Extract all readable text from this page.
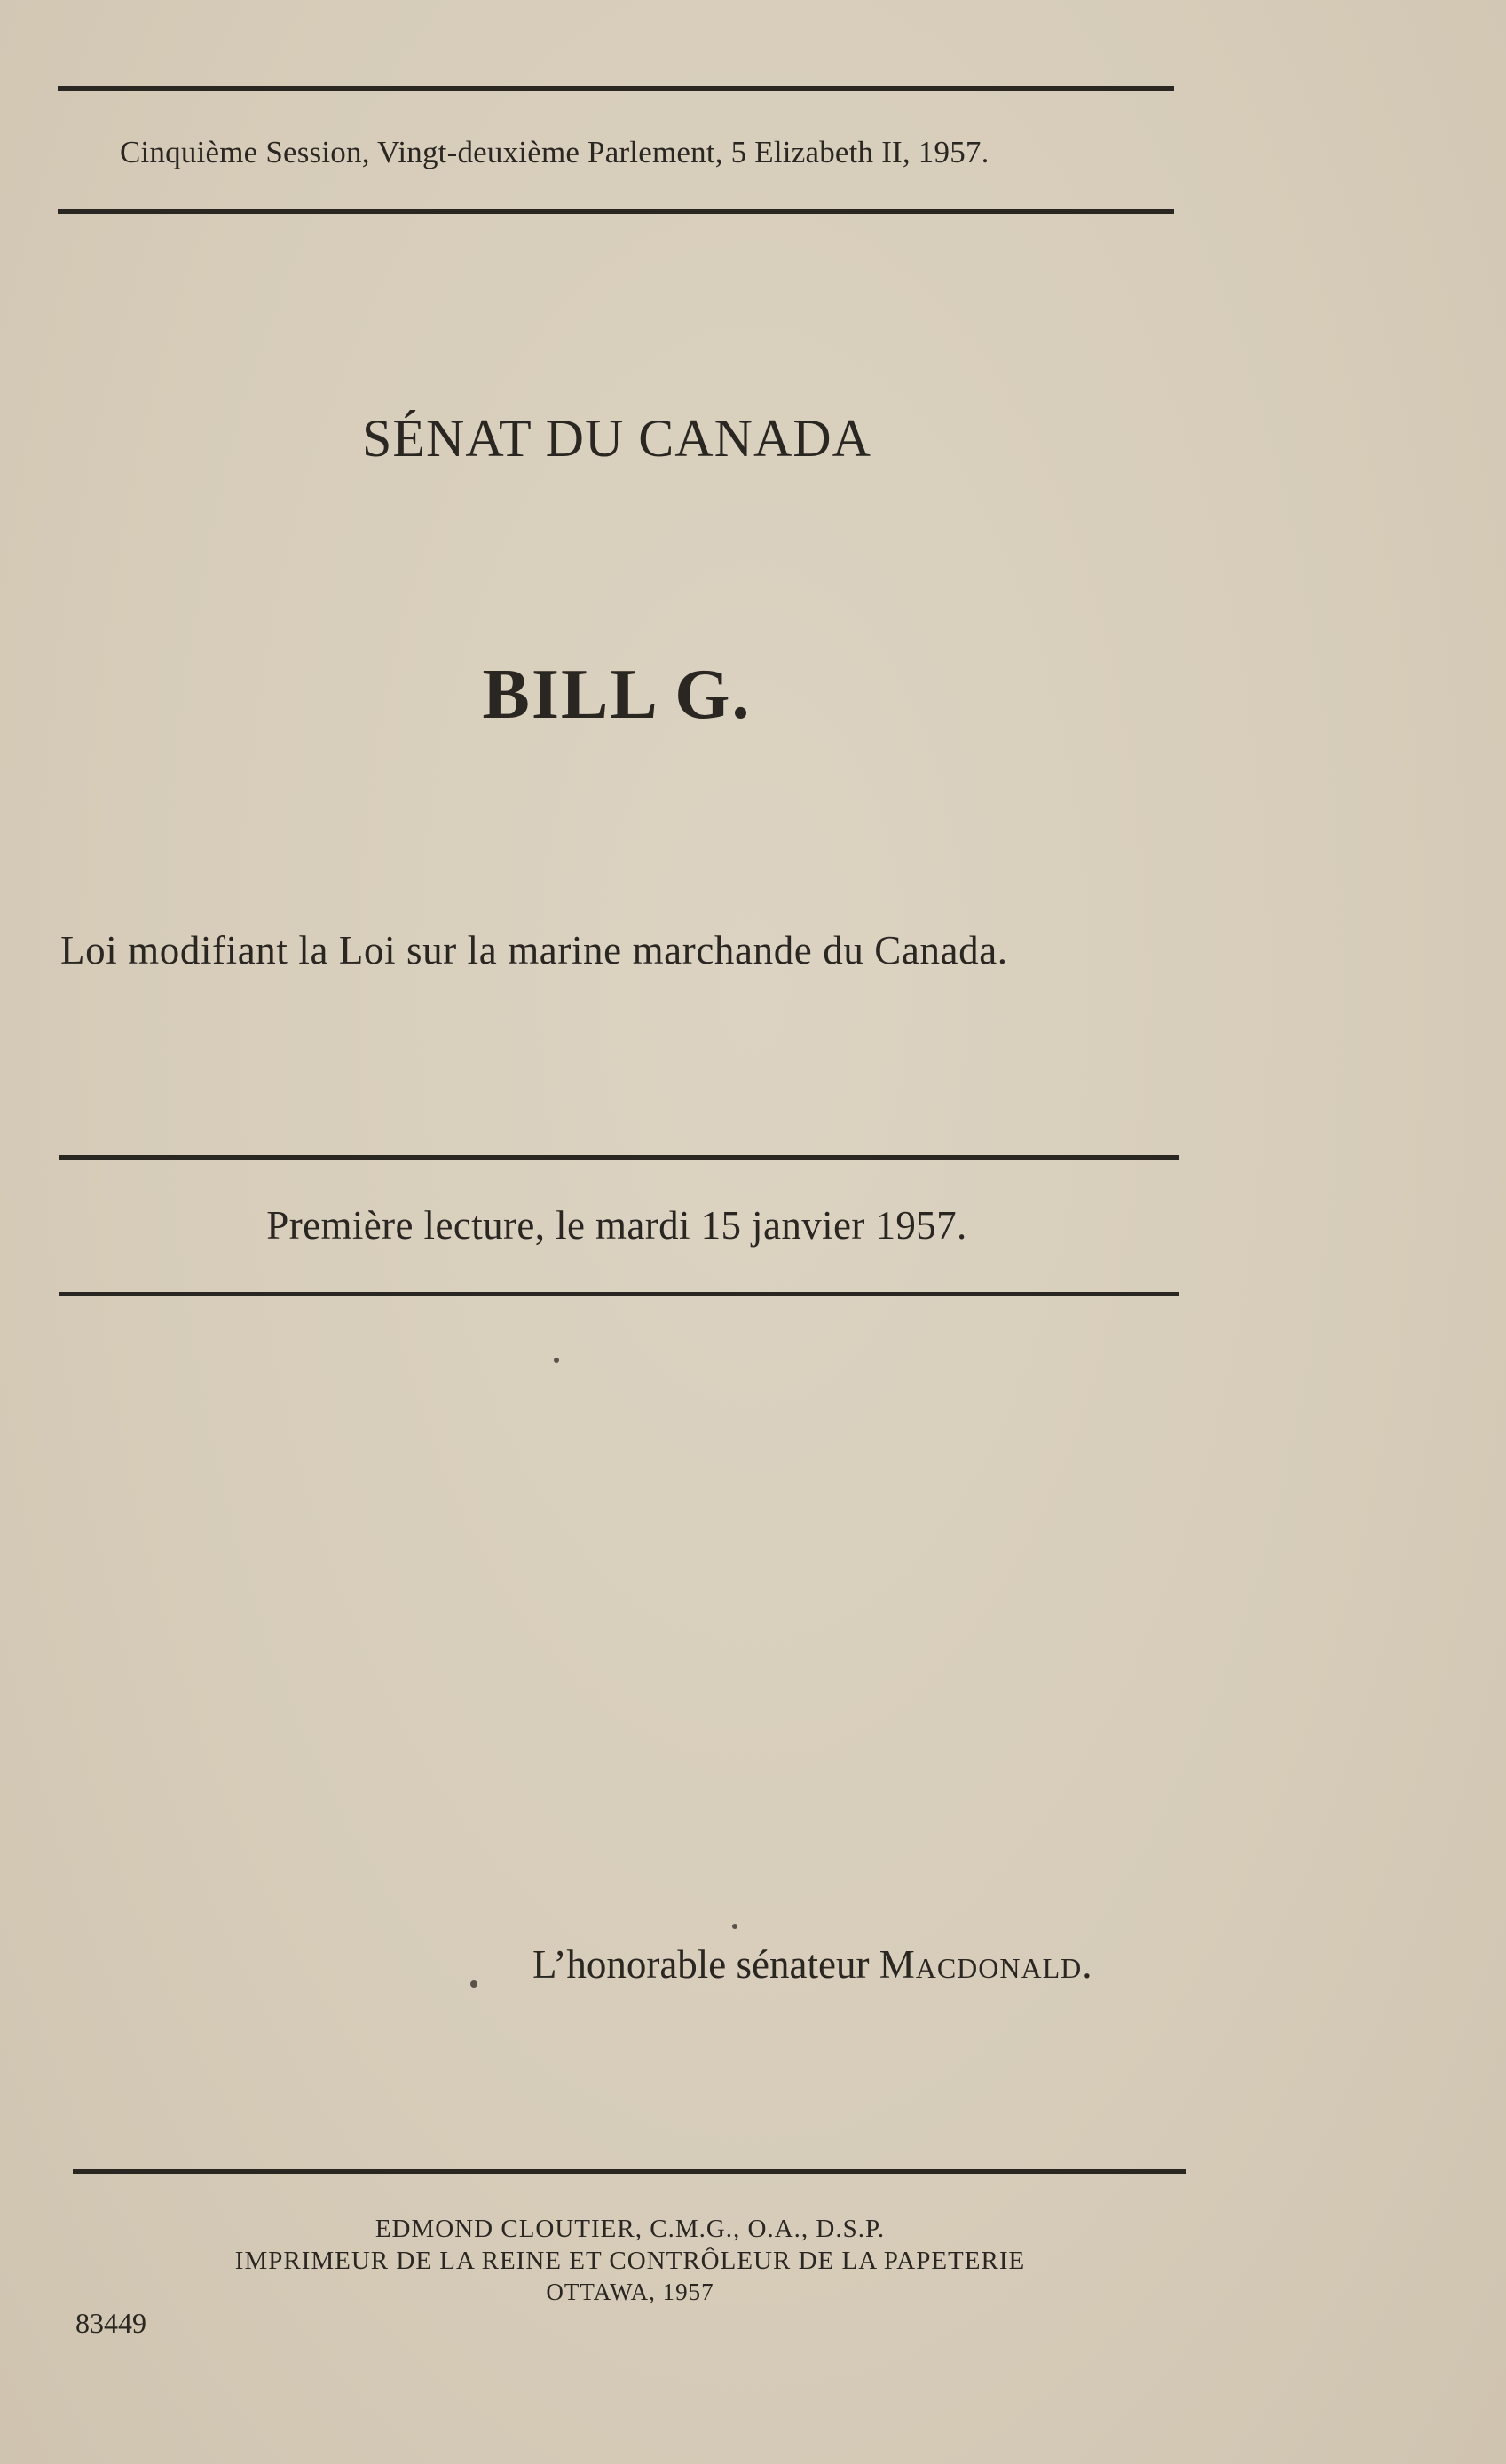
Cinquième Session, Vingt-deuxième Parlement, 5 Elizabeth II, 1957.
SÉNAT DU CANADA
BILL G.
Loi modifiant la Loi sur la marine marchande du Canada.
Première lecture, le mardi 15 janvier 1957.
L’honorable sénateur Macdonald.
EDMOND CLOUTIER, C.M.G., O.A., D.S.P.
IMPRIMEUR DE LA REINE ET CONTRÔLEUR DE LA PAPETERIE
OTTAWA, 1957
83449
